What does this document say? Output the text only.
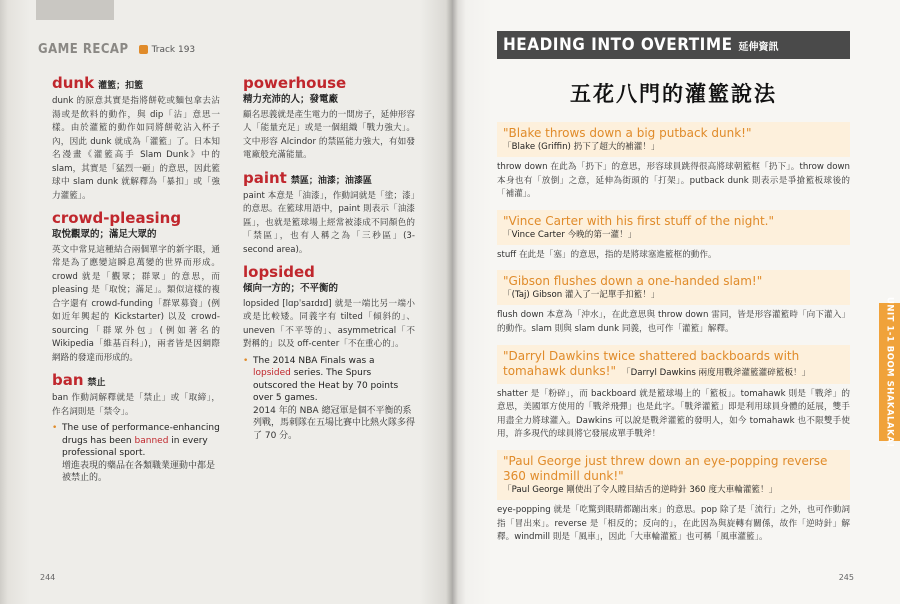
GAME RECAP	Track 193
dunk 灌籃；扣籃
dunk 的原意其實是指將餅乾或麵包拿去沾湯或是飲料的動作，與 dip「沾」意思一樣。由於灌籃的動作如同將餅乾沾入杯子內，因此 dunk 就成為「灌籃」了。日本知名漫畫《灌籃高手 Slam Dunk》中的 slam，其實是「猛烈一砸」的意思，因此籃球中 slam dunk 就解釋為「暴扣」或「強力灌籃」。
crowd-pleasing
取悅觀眾的；滿足大眾的
英文中常見這種結合兩個單字的新字眼，通常是為了應變這瞬息萬變的世界而形成。crowd 就是「觀眾；群眾」的意思，而 pleasing 是「取悅；滿足」。類似這樣的複合字還有 crowd-funding「群眾募資」(例如近年興起的 Kickstarter) 以及 crowd-sourcing「群眾外包」(例如著名的 Wikipedia「維基百科」)，兩者皆是因網際網路的發達而形成的。
ban 禁止
ban 作動詞解釋就是「禁止」或「取締」，作名詞則是「禁令」。
• The use of performance-enhancing drugs has been banned in every professional sport.
增進表現的藥品在各類職業運動中都是被禁止的。
powerhouse
精力充沛的人；發電廠
顧名思義就是產生電力的一間房子，延伸形容人「能量充足」或是一個組織「戰力強大」。文中形容 Alcindor 的禁區能力強大，有如發電廠般充滿能量。
paint 禁區；油漆；油漆區
paint 本意是「油漆」，作動詞就是「塗；漆」的意思。在籃球用語中，paint 則表示「油漆區」，也就是籃球場上經常被漆成不同顏色的「禁區」，也有人稱之為「三秒區」(3-second area)。
lopsided
傾向一方的；不平衡的
lopsided [lɑpˈsaɪdɪd] 就是一端比另一端小或是比較矮。同義字有 tilted「傾斜的」、uneven「不平等的」、asymmetrical「不對稱的」以及 off-center「不在重心的」。
• The 2014 NBA Finals was a lopsided series. The Spurs outscored the Heat by 70 points over 5 games.
2014 年的 NBA 總冠軍是個不平衡的系列戰，馬刺隊在五場比賽中比熱火隊多得了 70 分。
244
HEADING INTO OVERTIME 延伸資訊
五花八門的灌籃說法
"Blake throws down a big putback dunk!"
「Blake (Griffin) 扔下了超大的補灌！」
throw down 在此為「扔下」的意思，形容球員跳得很高將球朝籃框「扔下」。throw down 本身也有「放倒」之意，延伸為街頭的「打架」。putback dunk 則表示是爭搶籃板球後的「補灌」。
"Vince Carter with his first stuff of the night."
「Vince Carter 今晚的第一灌！」
stuff 在此是「塞」的意思，指的是將球塞進籃框的動作。
"Gibson flushes down a one-handed slam!"
「(Taj) Gibson 灌入了一記單手扣籃！」
flush down 本意為「沖水」，在此意思與 throw down 雷同，皆是形容灌籃時「向下灌入」的動作。slam 則與 slam dunk 同義，也可作「灌籃」解釋。
"Darryl Dawkins twice shattered backboards with tomahawk dunks!" 「Darryl Dawkins 兩度用戰斧灌籃灌碎籃板！」
shatter 是「粉碎」，而 backboard 就是籃球場上的「籃板」。tomahawk 則是「戰斧」的意思，美國軍方使用的「戰斧飛彈」也是此字。「戰斧灌籃」即是利用球員身體的延展，雙手用盡全力將球灌入。Dawkins 可以說是戰斧灌籃的發明人，如今 tomahawk 也不限雙手使用，許多現代的球員將它發展成單手戰斧！
"Paul George just threw down an eye-popping reverse 360 windmill dunk!"
「Paul George 剛使出了令人瞠目結舌的逆時針 360 度大車輪灌籃！」
eye-popping 就是「吃驚到眼睛都蹦出來」的意思。pop 除了是「流行」之外，也可作動詞指「冒出來」。reverse 是「相反的；反向的」，在此因為與旋轉有關係，故作「逆時針」解釋。windmill 則是「風車」，因此「大車輪灌籃」也可稱「風車灌籃」。
UNIT 1-1 BOOM SHAKALAKA!
245
